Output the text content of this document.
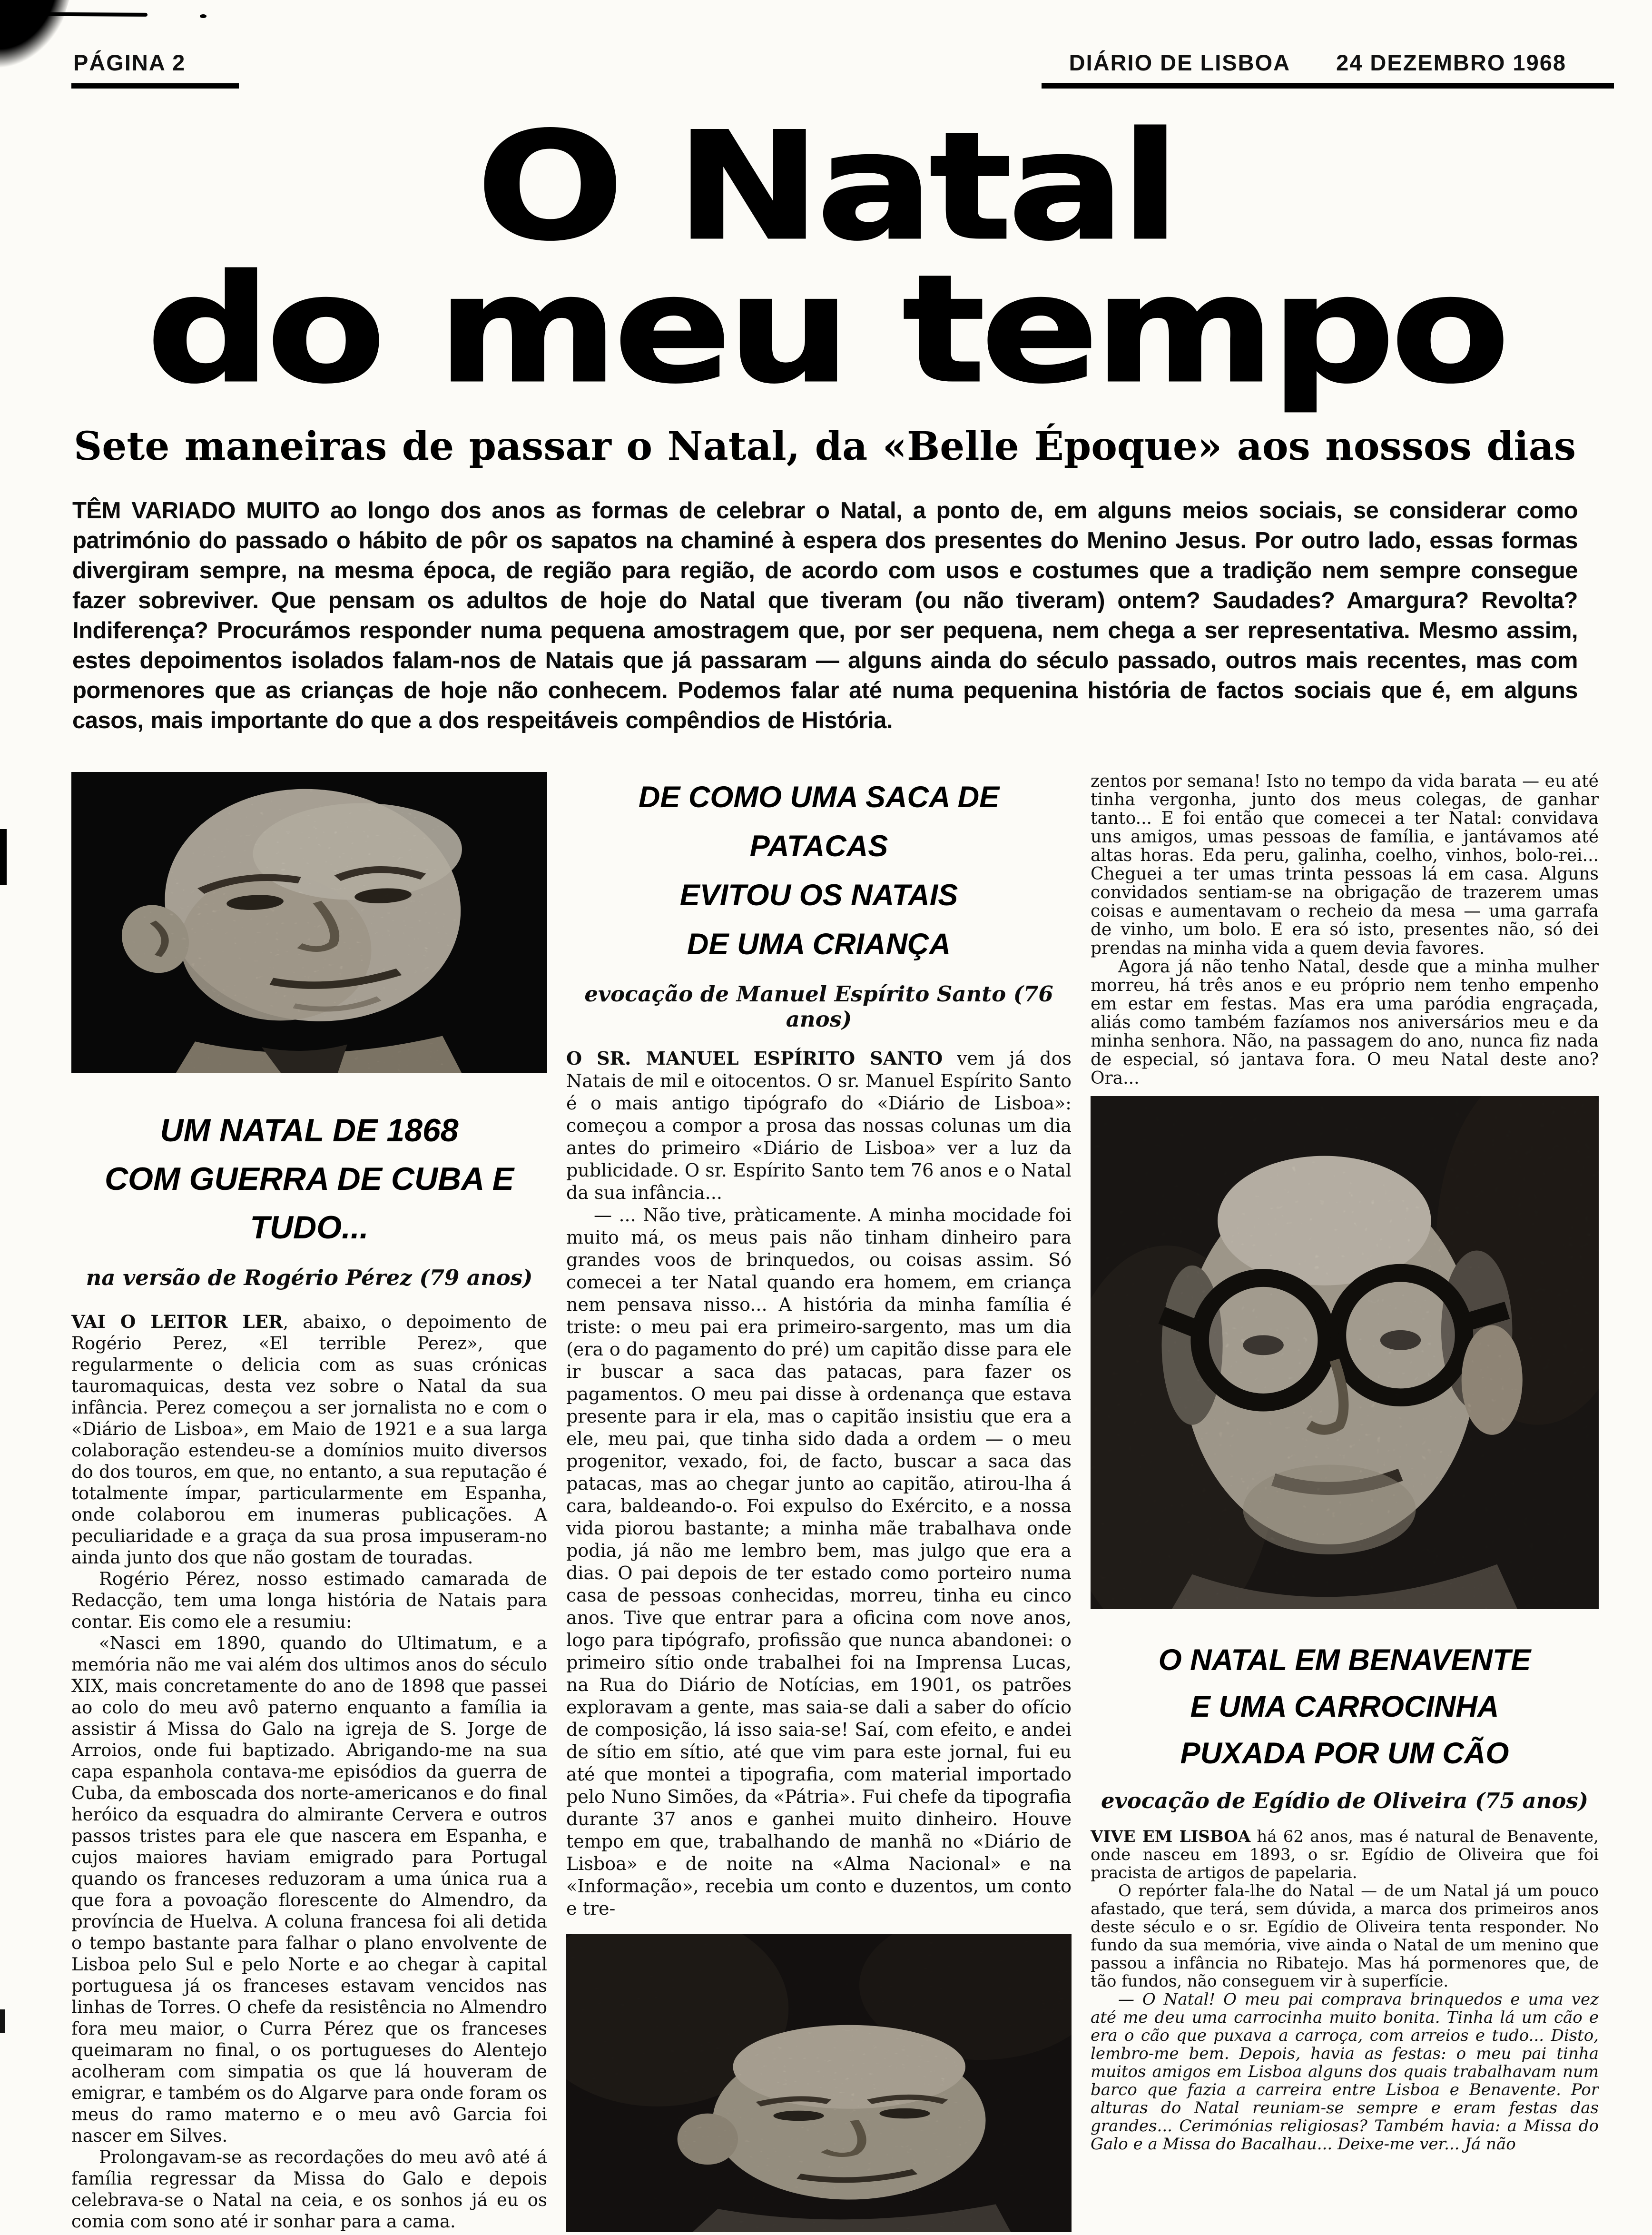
PÁGINA 2	DIÁRIO DE LISBOA 24 DEZEMBRO 1968
O Natal
do meu tempo
Sete maneiras de passar o Natal, da «Belle Époque» aos nossos dias

TÊM VARIADO MUITO ao longo dos anos as formas de celebrar o Natal, a ponto de, em alguns meios sociais, se considerar como património do passado o hábito de pôr os sapatos na chaminé à espera dos presentes do Menino Jesus. Por outro lado, essas formas divergiram sempre, na mesma época, de região para região, de acordo com usos e costumes que a tradição nem sempre consegue fazer sobreviver. Que pensam os adultos de hoje do Natal que tiveram (ou não tiveram) ontem? Saudades? Amargura? Revolta? Indiferença? Procurámos responder numa pequena amostragem que, por ser pequena, nem chega a ser representativa. Mesmo assim, estes depoimentos isolados falam-nos de Natais que já passaram — alguns ainda do século passado, outros mais recentes, mas com pormenores que as crianças de hoje não conhecem. Podemos falar até numa pequenina história de factos sociais que é, em alguns casos, mais importante do que a dos respeitáveis compêndios de História.

UM NATAL DE 1868
COM GUERRA DE CUBA E TUDO...
na versão de Rogério Pérez (79 anos)

VAI O LEITOR LER, abaixo, o depoimento de Rogério Perez, «El terrible Perez», que regularmente o delicia com as suas crónicas tauromaquicas, desta vez sobre o Natal da sua infância. Perez começou a ser jornalista no e com o «Diário de Lisboa», em Maio de 1921 e a sua larga colaboração estendeu-se a domínios muito diversos do dos touros, em que, no entanto, a sua reputação é totalmente ímpar, particularmente em Espanha, onde colaborou em inumeras publicações. A peculiaridade e a graça da sua prosa impuseram-no ainda junto dos que não gostam de touradas.

Rogério Pérez, nosso estimado camarada de Redacção, tem uma longa história de Natais para contar. Eis como ele a resumiu:

«Nasci em 1890, quando do Ultimatum, e a memória não me vai além dos ultimos anos do século XIX, mais concretamente do ano de 1898 que passei ao colo do meu avô paterno enquanto a família ia assistir á Missa do Galo na igreja de S. Jorge de Arroios, onde fui baptizado. Abrigando-me na sua capa espanhola contava-me episódios da guerra de Cuba, da emboscada dos norte-americanos e do final heróico da esquadra do almirante Cervera e outros passos tristes para ele que nascera em Espanha, e cujos maiores haviam emigrado para Portugal quando os franceses reduzoram a uma única rua a que fora a povoação florescente do Almendro, da província de Huelva. A coluna francesa foi ali detida o tempo bastante para falhar o plano envolvente de Lisboa pelo Sul e pelo Norte e ao chegar à capital portuguesa já os franceses estavam vencidos nas linhas de Torres. O chefe da resistência no Almendro fora meu maior, o Curra Pérez que os franceses queimaram no final, o os portugueses do Alentejo acolheram com simpatia os que lá houveram de emigrar, e também os do Algarve para onde foram os meus do ramo materno e o meu avô Garcia foi nascer em Silves.

Prolongavam-se as recordações do meu avô até á família regressar da Missa do Galo e depois celebrava-se o Natal na ceia, e os sonhos já eu os comia com sono até ir sonhar para a cama.

DE COMO UMA SACA DE PATACAS
EVITOU OS NATAIS
DE UMA CRIANÇA
evocação de Manuel Espírito Santo (76 anos)

O SR. MANUEL ESPÍRITO SANTO vem já dos Natais de mil e oitocentos. O sr. Manuel Espírito Santo é o mais antigo tipógrafo do «Diário de Lisboa»: começou a compor a prosa das nossas colunas um dia antes do primeiro «Diário de Lisboa» ver a luz da publicidade. O sr. Espírito Santo tem 76 anos e o Natal da sua infância...

— ... Não tive, pràticamente. A minha mocidade foi muito má, os meus pais não tinham dinheiro para grandes voos de brinquedos, ou coisas assim. Só comecei a ter Natal quando era homem, em criança nem pensava nisso... A história da minha família é triste: o meu pai era primeiro-sargento, mas um dia (era o do pagamento do pré) um capitão disse para ele ir buscar a saca das patacas, para fazer os pagamentos. O meu pai disse à ordenança que estava presente para ir ela, mas o capitão insistiu que era a ele, meu pai, que tinha sido dada a ordem — o meu progenitor, vexado, foi, de facto, buscar a saca das patacas, mas ao chegar junto ao capitão, atirou-lha á cara, baldeando-o. Foi expulso do Exército, e a nossa vida piorou bastante; a minha mãe trabalhava onde podia, já não me lembro bem, mas julgo que era a dias. O pai depois de ter estado como porteiro numa casa de pessoas conhecidas, morreu, tinha eu cinco anos. Tive que entrar para a oficina com nove anos, logo para tipógrafo, profissão que nunca abandonei: o primeiro sítio onde trabalhei foi na Imprensa Lucas, na Rua do Diário de Notícias, em 1901, os patrões exploravam a gente, mas saia-se dali a saber do ofício de composição, lá isso saia-se! Saí, com efeito, e andei de sítio em sítio, até que vim para este jornal, fui eu até que montei a tipografia, com material importado pelo Nuno Simões, da «Pátria». Fui chefe da tipografia durante 37 anos e ganhei muito dinheiro. Houve tempo em que, trabalhando de manhã no «Diário de Lisboa» e de noite na «Alma Nacional» e na «Informação», recebia um conto e duzentos, um conto e tre-

zentos por semana! Isto no tempo da vida barata — eu até tinha vergonha, junto dos meus colegas, de ganhar tanto... E foi então que comecei a ter Natal: convidava uns amigos, umas pessoas de família, e jantávamos até altas horas. Eda peru, galinha, coelho, vinhos, bolo-rei... Cheguei a ter umas trinta pessoas lá em casa. Alguns convidados sentiam-se na obrigação de trazerem umas coisas e aumentavam o recheio da mesa — uma garrafa de vinho, um bolo. E era só isto, presentes não, só dei prendas na minha vida a quem devia favores.

Agora já não tenho Natal, desde que a minha mulher morreu, há três anos e eu próprio nem tenho empenho em estar em festas. Mas era uma paródia engraçada, aliás como também fazíamos nos aniversários meu e da minha senhora. Não, na passagem do ano, nunca fiz nada de especial, só jantava fora. O meu Natal deste ano? Ora...

O NATAL EM BENAVENTE
E UMA CARROCINHA
PUXADA POR UM CÃO
evocação de Egídio de Oliveira (75 anos)

VIVE EM LISBOA há 62 anos, mas é natural de Benavente, onde nasceu em 1893, o sr. Egídio de Oliveira que foi pracista de artigos de papelaria.

O repórter fala-lhe do Natal — de um Natal já um pouco afastado, que terá, sem dúvida, a marca dos primeiros anos deste século e o sr. Egídio de Oliveira tenta responder. No fundo da sua memória, vive ainda o Natal de um menino que passou a infância no Ribatejo. Mas há pormenores que, de tão fundos, não conseguem vir à superfície.

— O Natal! O meu pai comprava brinquedos e uma vez até me deu uma carrocinha muito bonita. Tinha lá um cão e era o cão que puxava a carroça, com arreios e tudo... Disto, lembro-me bem. Depois, havia as festas: o meu pai tinha muitos amigos em Lisboa alguns dos quais trabalhavam num barco que fazia a carreira entre Lisboa e Benavente. Por alturas do Natal reuniam-se sempre e eram festas das grandes... Cerimónias religiosas? Também havia: a Missa do Galo e a Missa do Bacalhau... Deixe-me ver... Já não
